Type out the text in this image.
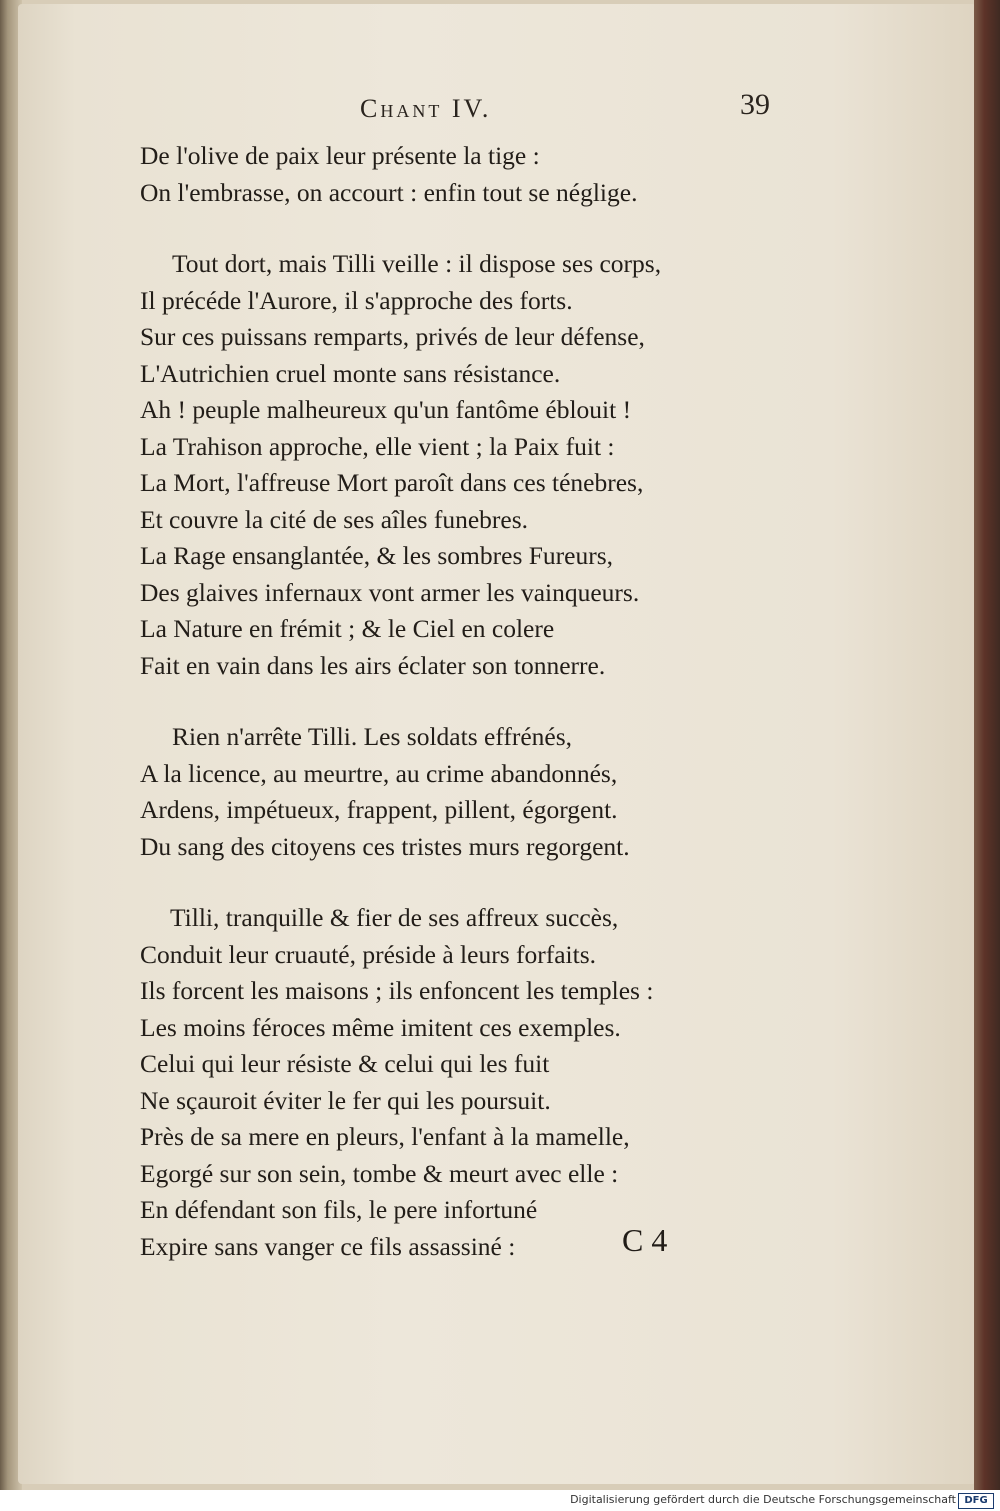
Chant IV.	39
De l'olive de paix leur présente la tige :
On l'embrasse, on accourt : enfin tout se néglige.
Tout dort, mais Tilli veille : il dispose ses corps,
Il précéde l'Aurore, il s'approche des forts.
Sur ces puissans remparts, privés de leur défense,
L'Autrichien cruel monte sans résistance.
Ah ! peuple malheureux qu'un fantôme éblouit !
La Trahison approche, elle vient ; la Paix fuit :
La Mort, l'affreuse Mort paroît dans ces ténebres,
Et couvre la cité de ses aîles funebres.
La Rage ensanglantée, & les sombres Fureurs,
Des glaives infernaux vont armer les vainqueurs.
La Nature en frémit ; & le Ciel en colere
Fait en vain dans les airs éclater son tonnerre.
Rien n'arrête Tilli. Les soldats effrénés,
A la licence, au meurtre, au crime abandonnés,
Ardens, impétueux, frappent, pillent, égorgent.
Du sang des citoyens ces tristes murs regorgent.
Tilli, tranquille & fier de ses affreux succès,
Conduit leur cruauté, préside à leurs forfaits.
Ils forcent les maisons ; ils enfoncent les temples :
Les moins féroces même imitent ces exemples.
Celui qui leur résiste & celui qui les fuit
Ne sçauroit éviter le fer qui les poursuit.
Près de sa mere en pleurs, l'enfant à la mamelle,
Egorgé sur son sein, tombe & meurt avec elle :
En défendant son fils, le pere infortuné
Expire sans vanger ce fils assassiné :	C 4
Digitalisierung gefördert durch die Deutsche Forschungsgemeinschaft DFG
